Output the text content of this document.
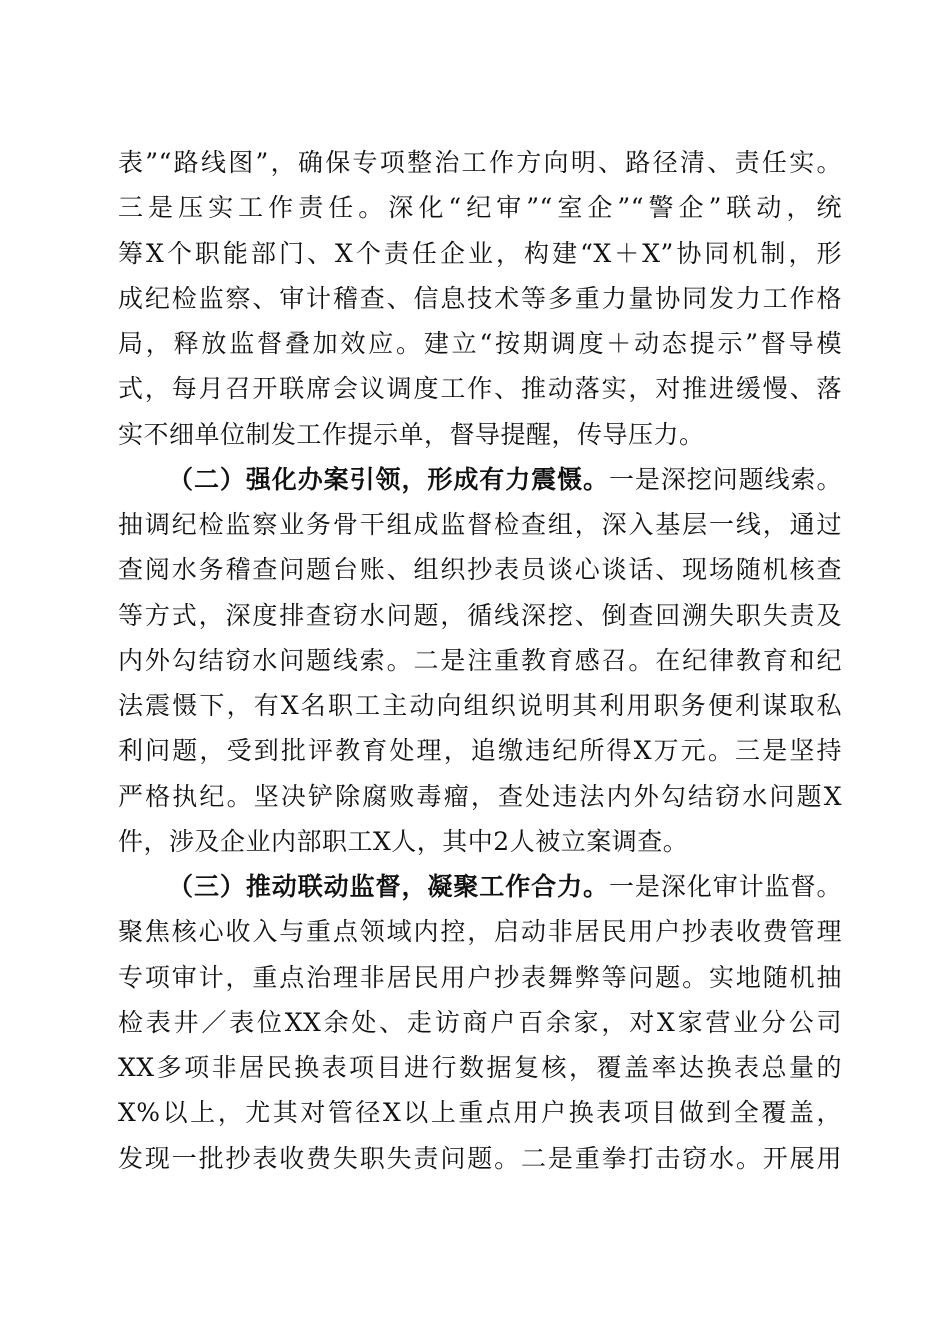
表”“路线图”，确保专项整治工作方向明、路径清、责任实。
三是压实工作责任。深化“纪审”“室企”“警企”联动，统
筹X个职能部门、X个责任企业，构建“X＋X”协同机制，形
成纪检监察、审计稽查、信息技术等多重力量协同发力工作格
局，释放监督叠加效应。建立“按期调度＋动态提示”督导模
式，每月召开联席会议调度工作、推动落实，对推进缓慢、落
实不细单位制发工作提示单，督导提醒，传导压力。
（二）强化办案引领，形成有力震慑。一是深挖问题线索。
抽调纪检监察业务骨干组成监督检查组，深入基层一线，通过
查阅水务稽查问题台账、组织抄表员谈心谈话、现场随机核查
等方式，深度排查窃水问题，循线深挖、倒查回溯失职失责及
内外勾结窃水问题线索。二是注重教育感召。在纪律教育和纪
法震慑下，有X名职工主动向组织说明其利用职务便利谋取私
利问题，受到批评教育处理，追缴违纪所得X万元。三是坚持
严格执纪。坚决铲除腐败毒瘤，查处违法内外勾结窃水问题X
件，涉及企业内部职工X人，其中2人被立案调查。
（三）推动联动监督，凝聚工作合力。一是深化审计监督。
聚焦核心收入与重点领域内控，启动非居民用户抄表收费管理
专项审计，重点治理非居民用户抄表舞弊等问题。实地随机抽
检表井／表位XX余处、走访商户百余家，对X家营业分公司
XX多项非居民换表项目进行数据复核，覆盖率达换表总量的
X%以上，尤其对管径X以上重点用户换表项目做到全覆盖，
发现一批抄表收费失职失责问题。二是重拳打击窃水。开展用
